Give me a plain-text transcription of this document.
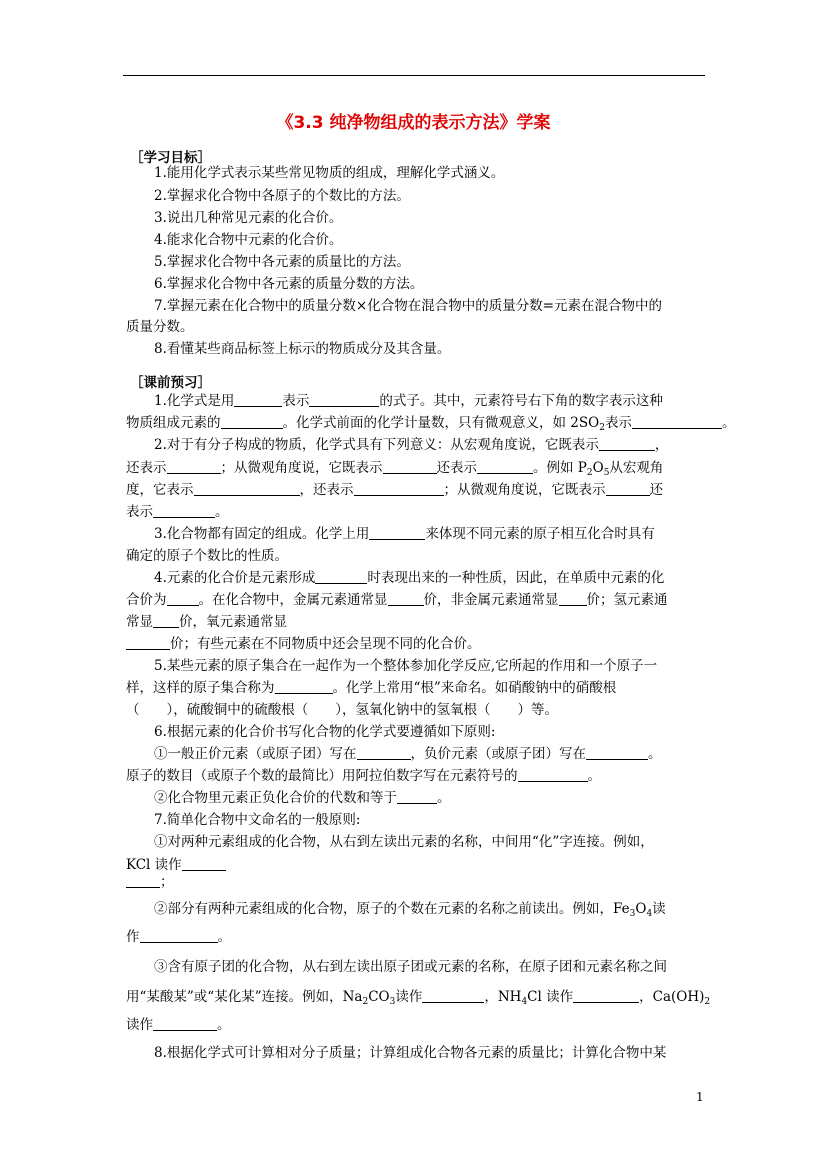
《3.3 纯净物组成的表示方法》学案
［学习目标］
1.能用化学式表示某些常见物质的组成，理解化学式涵义。
2.掌握求化合物中各原子的个数比的方法。
3.说出几种常见元素的化合价。
4.能求化合物中元素的化合价。
5.掌握求化合物中各元素的质量比的方法。
6.掌握求化合物中各元素的质量分数的方法。
7.掌握元素在化合物中的质量分数×化合物在混合物中的质量分数=元素在混合物中的
质量分数。
8.看懂某些商品标签上标示的物质成分及其含量。
［课前预习］
1.化学式是用	表示	的式子。其中，元素符号右下角的数字表示这种
物质组成元素的	。化学式前面的化学计量数，只有微观意义，如 $2SO_2$表示	。
2.对于有分子构成的物质，化学式具有下列意义：从宏观角度说，它既表示	，
还表示	；从微观角度说，它既表示	还表示	。例如 $P_2O_5$从宏观角
度，它表示	，还表示	；从微观角度说，它既表示	还
表示	。
3.化合物都有固定的组成。化学上用	来体现不同元素的原子相互化合时具有
确定的原子个数比的性质。
4.元素的化合价是元素形成	时表现出来的一种性质，因此，在单质中元素的化
合价为 。在化合物中，金属元素通常显	价，非金属元素通常显 价；氢元素通
常显 价，氧元素通常显
价；有些元素在不同物质中还会呈现不同的化合价。
5.某些元素的原子集合在一起作为一个整体参加化学反应,它所起的作用和一个原子一
样，这样的原子集合称为	。化学上常用“根”来命名。如硝酸钠中的硝酸根
（　　），硫酸铜中的硫酸根（　　），氢氧化钠中的氢氧根（　　）等。
6.根据元素的化合价书写化合物的化学式要遵循如下原则:
①一般正价元素（或原子团）写在	，负价元素（或原子团）写在	。
原子的数目（或原子个数的最简比）用阿拉伯数字写在元素符号的	。
②化合物里元素正负化合价的代数和等于	。
7.简单化合物中文命名的一般原则:
①对两种元素组成的化合物，从右到左读出元素的名称，中间用“化”字连接。例如，
KCl 读作
；
②部分有两种元素组成的化合物，原子的个数在元素的名称之前读出。例如，$Fe_3O_4$读
作	。
③含有原子团的化合物，从右到左读出原子团或元素的名称，在原子团和元素名称之间
用“某酸某”或“某化某”连接。例如，$Na_2CO_3$读作	，$NH_4Cl$ 读作	，$Ca(OH)_2$
读作	。
8.根据化学式可计算相对分子质量；计算组成化合物各元素的质量比；计算化合物中某
1
